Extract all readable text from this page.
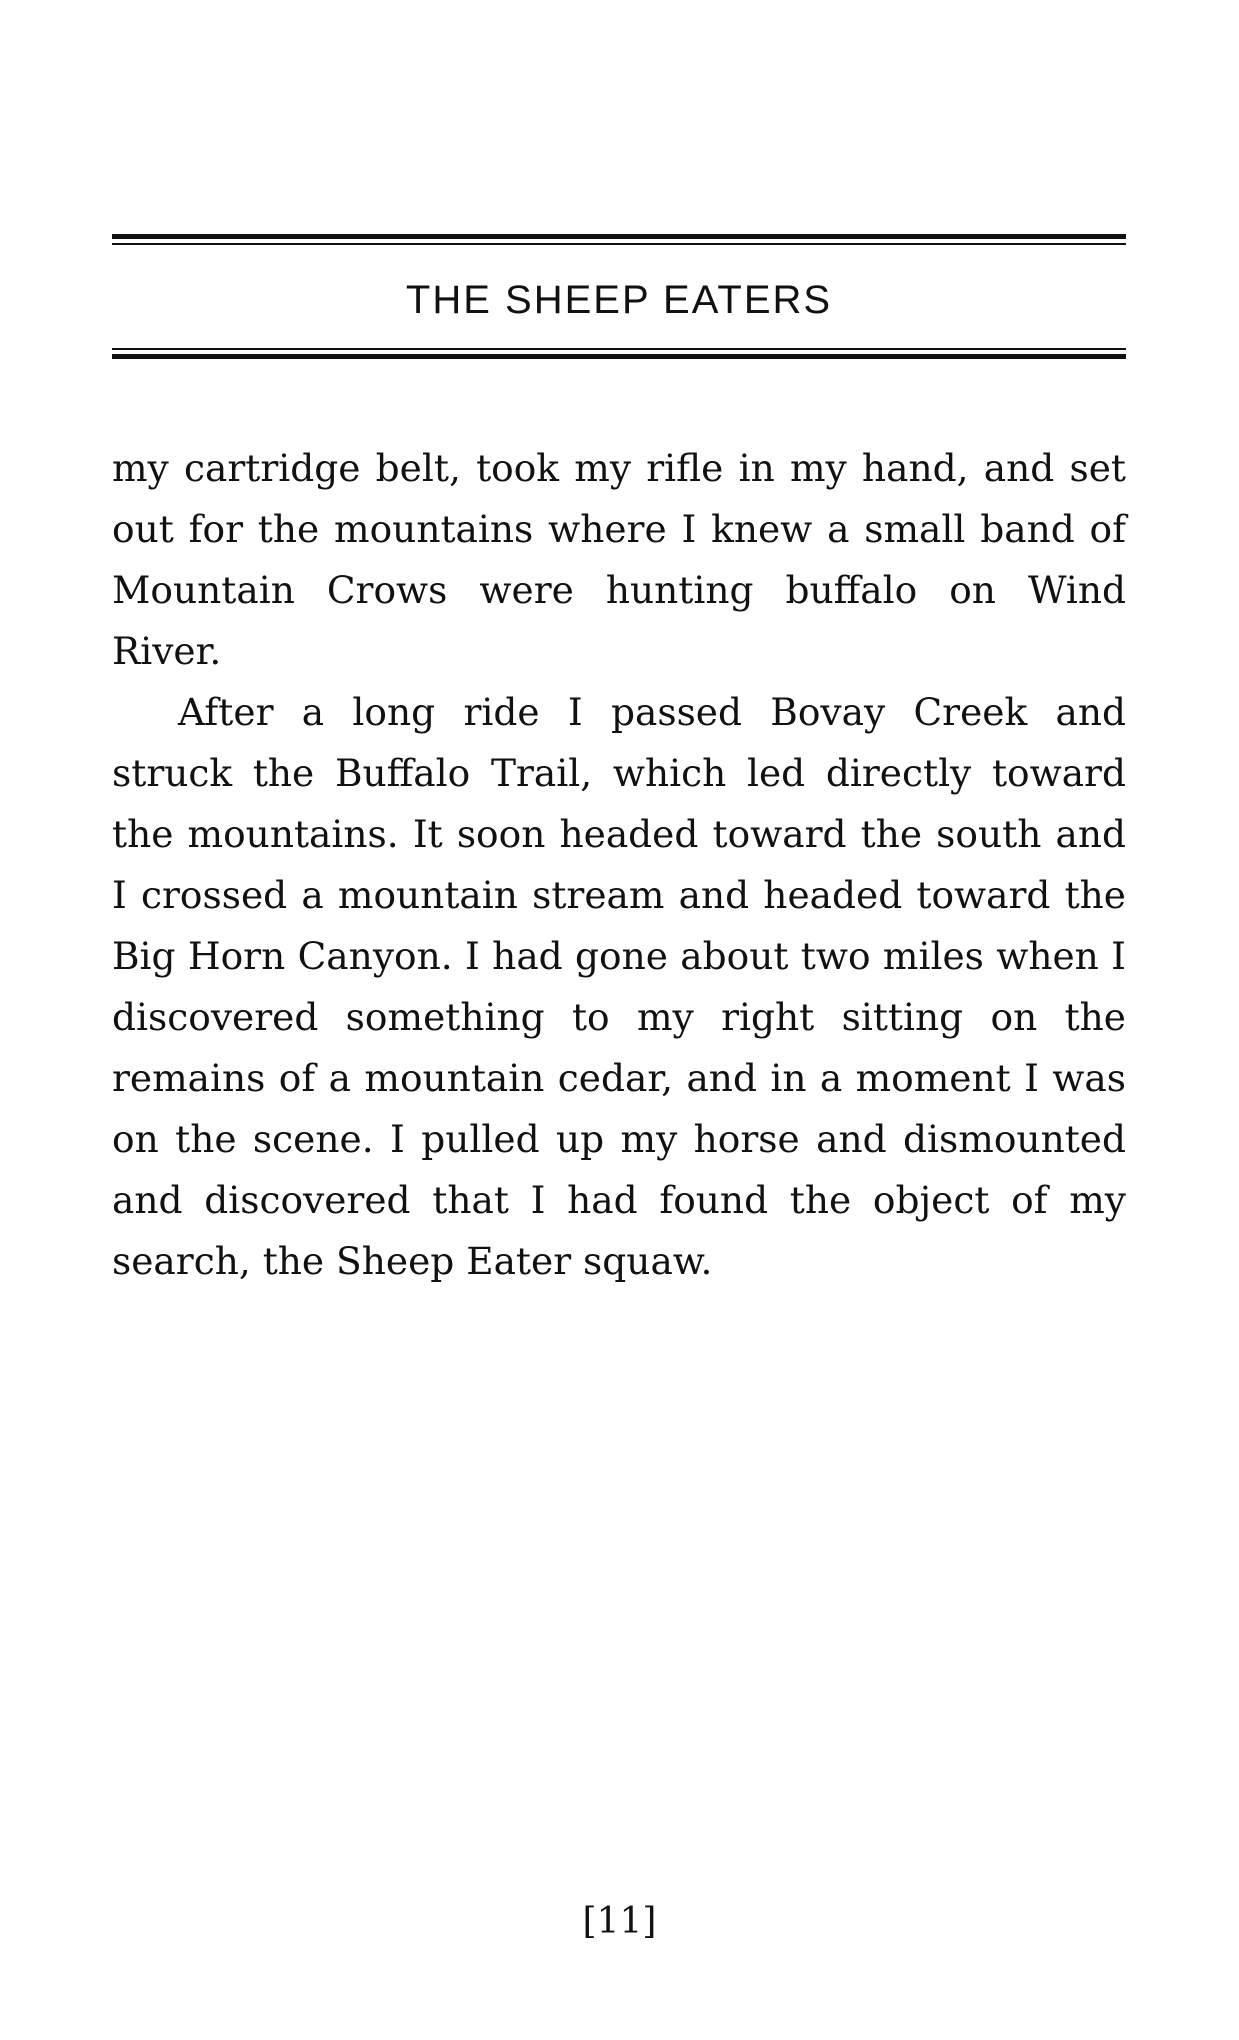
THE SHEEP EATERS

my cartridge belt, took my rifle in my hand, and set out for the mountains where I knew a small band of Mountain Crows were hunting buffalo on Wind River.

After a long ride I passed Bovay Creek and struck the Buffalo Trail, which led directly toward the mountains. It soon headed toward the south and I crossed a mountain stream and headed toward the Big Horn Canyon. I had gone about two miles when I discovered something to my right sitting on the remains of a mountain cedar, and in a moment I was on the scene. I pulled up my horse and dismounted and discovered that I had found the object of my search, the Sheep Eater squaw.

[11]
